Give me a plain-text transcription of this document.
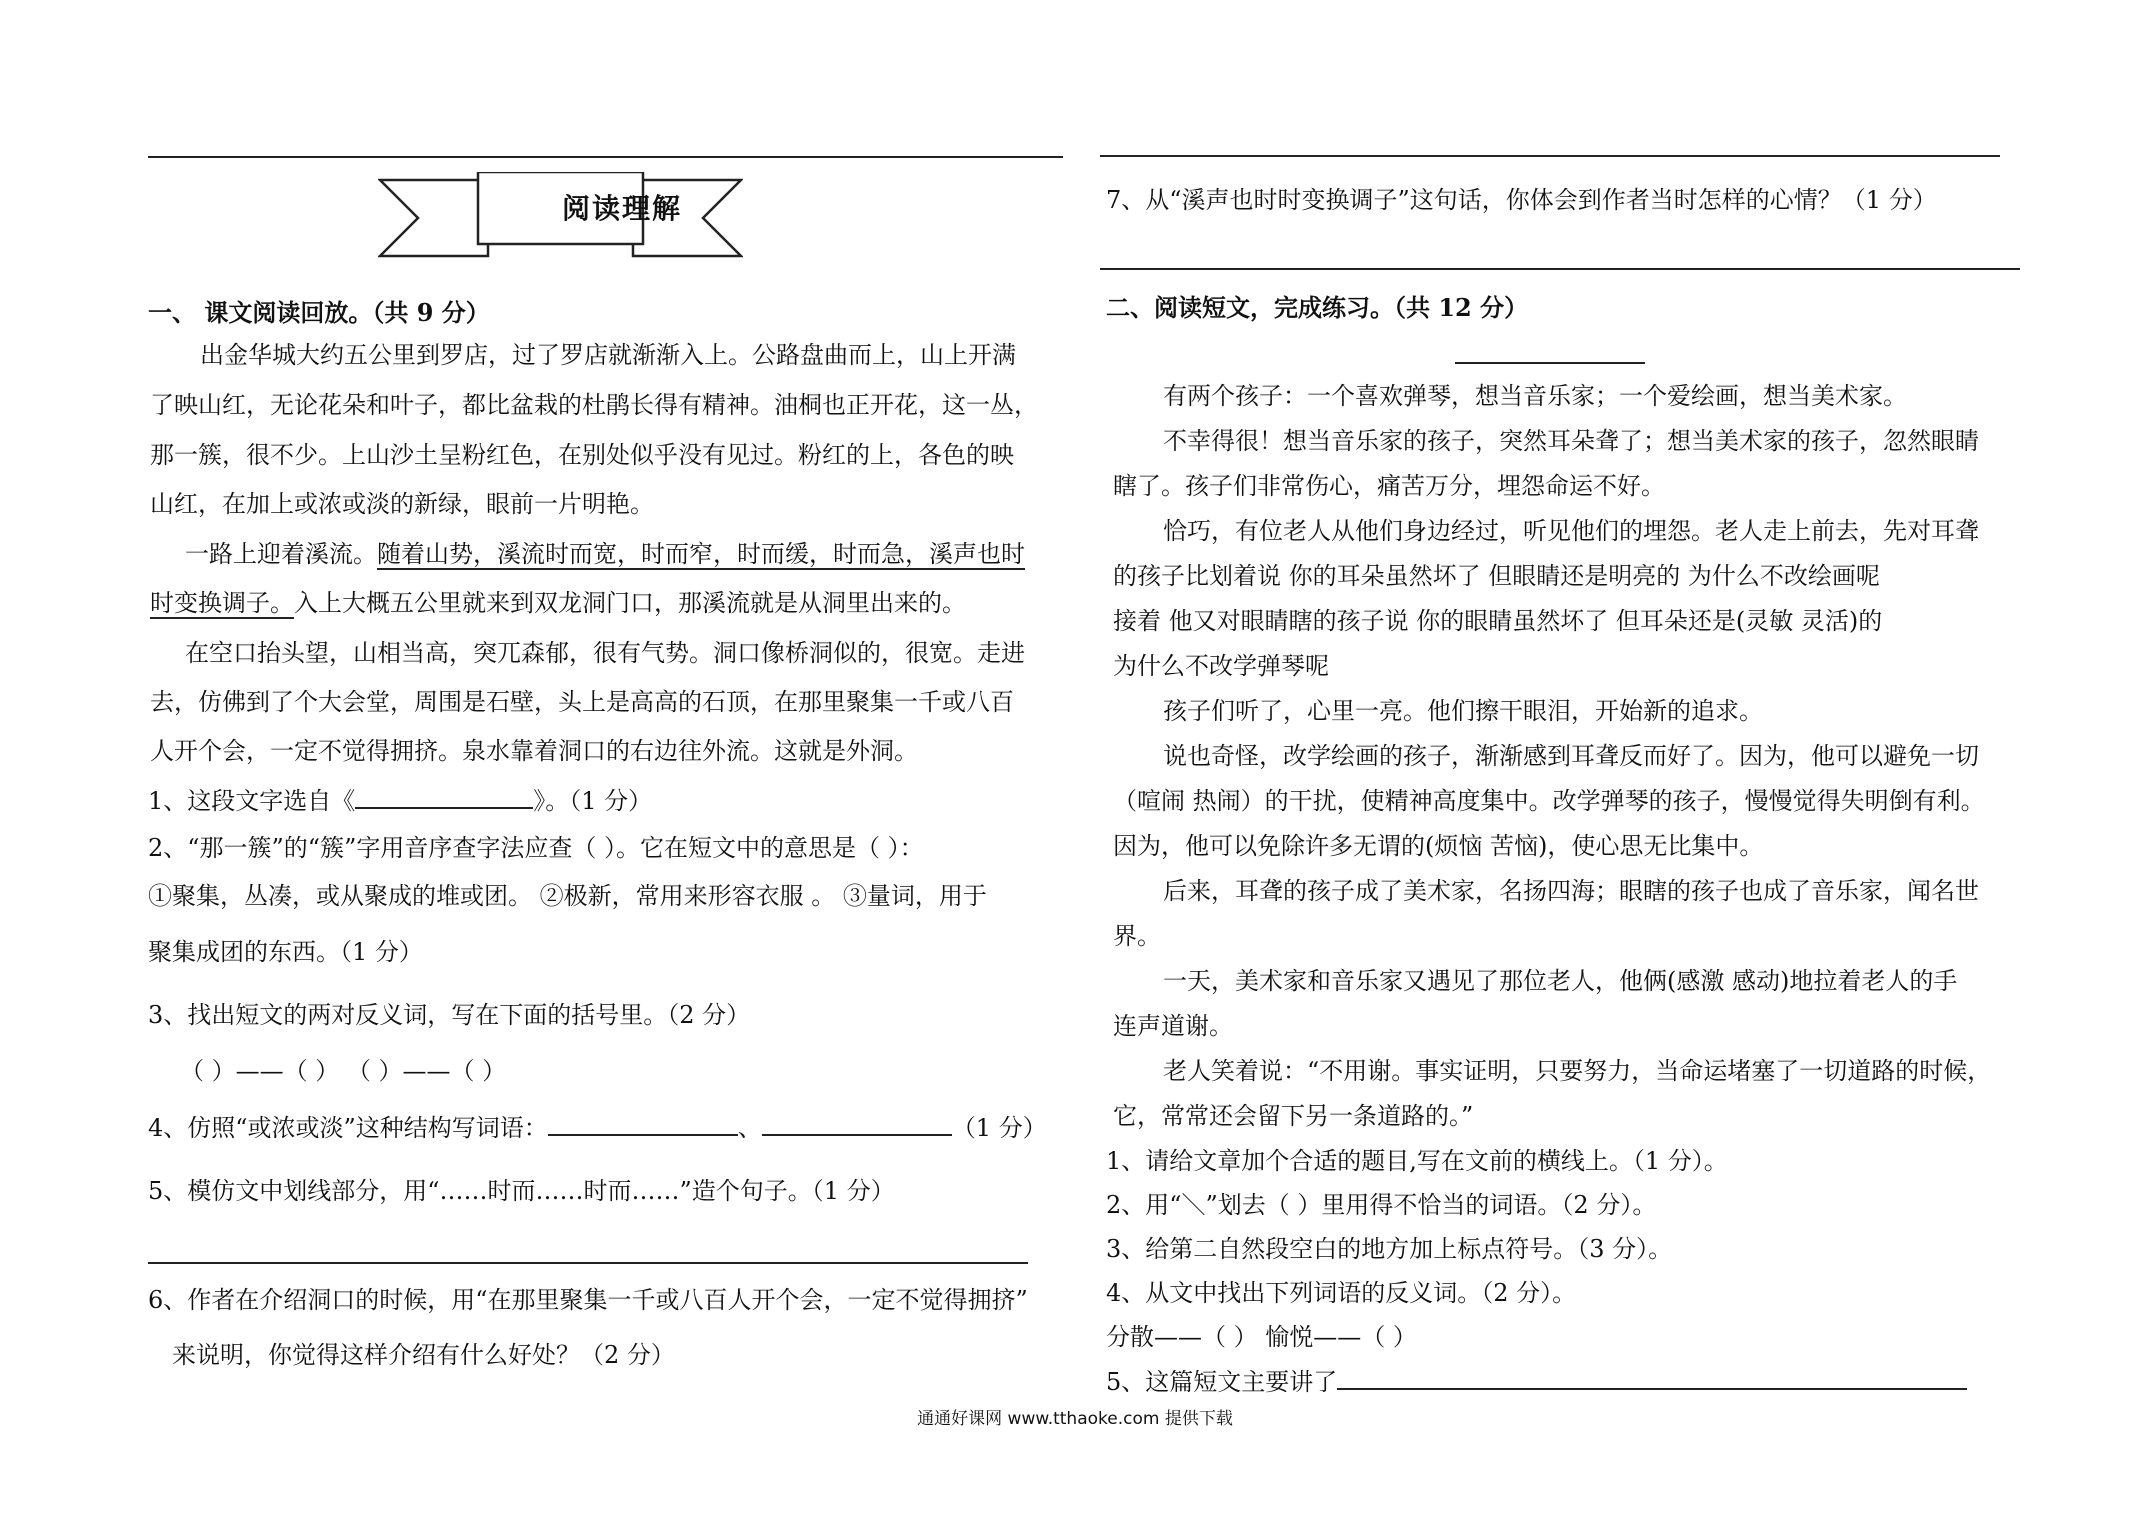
阅读理解
一、 课文阅读回放。（共 9 分）
出金华城大约五公里到罗店，过了罗店就渐渐入上。公路盘曲而上，山上开满
了映山红，无论花朵和叶子，都比盆栽的杜鹃长得有精神。油桐也正开花，这一丛，
那一簇，很不少。上山沙土呈粉红色，在别处似乎没有见过。粉红的上，各色的映
山红，在加上或浓或淡的新绿，眼前一片明艳。
一路上迎着溪流。随着山势，溪流时而宽，时而窄，时而缓，时而急，溪声也时
时变换调子。入上大概五公里就来到双龙洞门口，那溪流就是从洞里出来的。
在空口抬头望，山相当高，突兀森郁，很有气势。洞口像桥洞似的，很宽。走进
去，仿佛到了个大会堂，周围是石壁，头上是高高的石顶，在那里聚集一千或八百
人开个会，一定不觉得拥挤。泉水靠着洞口的右边往外流。这就是外洞。
1、这段文字选自《	》。（1 分）
2、“那一簇”的“簇”字用音序查字法应查（ ）。它在短文中的意思是（ ）：
①聚集，丛凑，或从聚成的堆或团。 ②极新，常用来形容衣服 。 ③量词，用于
聚集成团的东西。（1 分）
3、找出短文的两对反义词，写在下面的括号里。（2 分）
（ ）——（ ） （ ）——（ ）
4、仿照“或浓或淡”这种结构写词语：	、	（1 分）
5、模仿文中划线部分，用“……时而……时而……”造个句子。（1 分）
6、作者在介绍洞口的时候，用“在那里聚集一千或八百人开个会，一定不觉得拥挤”
来说明，你觉得这样介绍有什么好处？（2 分）
7、从“溪声也时时变换调子”这句话，你体会到作者当时怎样的心情？（1 分）
二、阅读短文，完成练习。（共 12 分）
有两个孩子：一个喜欢弹琴，想当音乐家；一个爱绘画，想当美术家。
不幸得很！想当音乐家的孩子，突然耳朵聋了；想当美术家的孩子，忽然眼睛
瞎了。孩子们非常伤心，痛苦万分，埋怨命运不好。
恰巧，有位老人从他们身边经过，听见他们的埋怨。老人走上前去，先对耳聋
的孩子比划着说 你的耳朵虽然坏了 但眼睛还是明亮的 为什么不改绘画呢
接着 他又对眼睛瞎的孩子说 你的眼睛虽然坏了 但耳朵还是(灵敏 灵活)的
为什么不改学弹琴呢
孩子们听了，心里一亮。他们擦干眼泪，开始新的追求。
说也奇怪，改学绘画的孩子，渐渐感到耳聋反而好了。因为，他可以避免一切
（喧闹 热闹）的干扰，使精神高度集中。改学弹琴的孩子，慢慢觉得失明倒有利。
因为，他可以免除许多无谓的(烦恼 苦恼)，使心思无比集中。
后来，耳聋的孩子成了美术家，名扬四海；眼瞎的孩子也成了音乐家，闻名世
界。
一天，美术家和音乐家又遇见了那位老人，他俩(感激 感动)地拉着老人的手
连声道谢。
老人笑着说：“不用谢。事实证明，只要努力，当命运堵塞了一切道路的时候，
它，常常还会留下另一条道路的。”
1、请给文章加个合适的题目,写在文前的横线上。（1 分）。
2、用“＼”划去（ ）里用得不恰当的词语。（2 分）。
3、给第二自然段空白的地方加上标点符号。（3 分）。
4、从文中找出下列词语的反义词。（2 分）。
分散——（ ） 愉悦——（ ）
5、这篇短文主要讲了
通通好课网 www.tthaoke.com 提供下载
